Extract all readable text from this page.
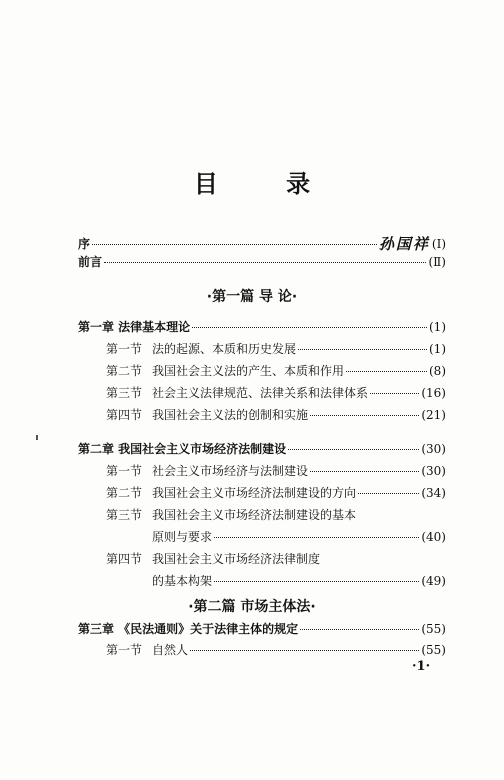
目 录
序	孙国祥 (Ⅰ)
前言	(Ⅱ)
·第一篇 导 论·
第一章 法律基本理论	(1)
第一节 法的起源、本质和历史发展	(1)
第二节 我国社会主义法的产生、本质和作用	(8)
第三节 社会主义法律规范、法律关系和法律体系	(16)
第四节 我国社会主义法的创制和实施	(21)
第二章 我国社会主义市场经济法制建设	(30)
第一节 社会主义市场经济与法制建设	(30)
第二节 我国社会主义市场经济法制建设的方向	(34)
第三节 我国社会主义市场经济法制建设的基本
原则与要求	(40)
第四节 我国社会主义市场经济法律制度
的基本构架	(49)
·第二篇 市场主体法·
第三章 《民法通则》关于法律主体的规定	(55)
第一节 自然人	(55)
·1·
